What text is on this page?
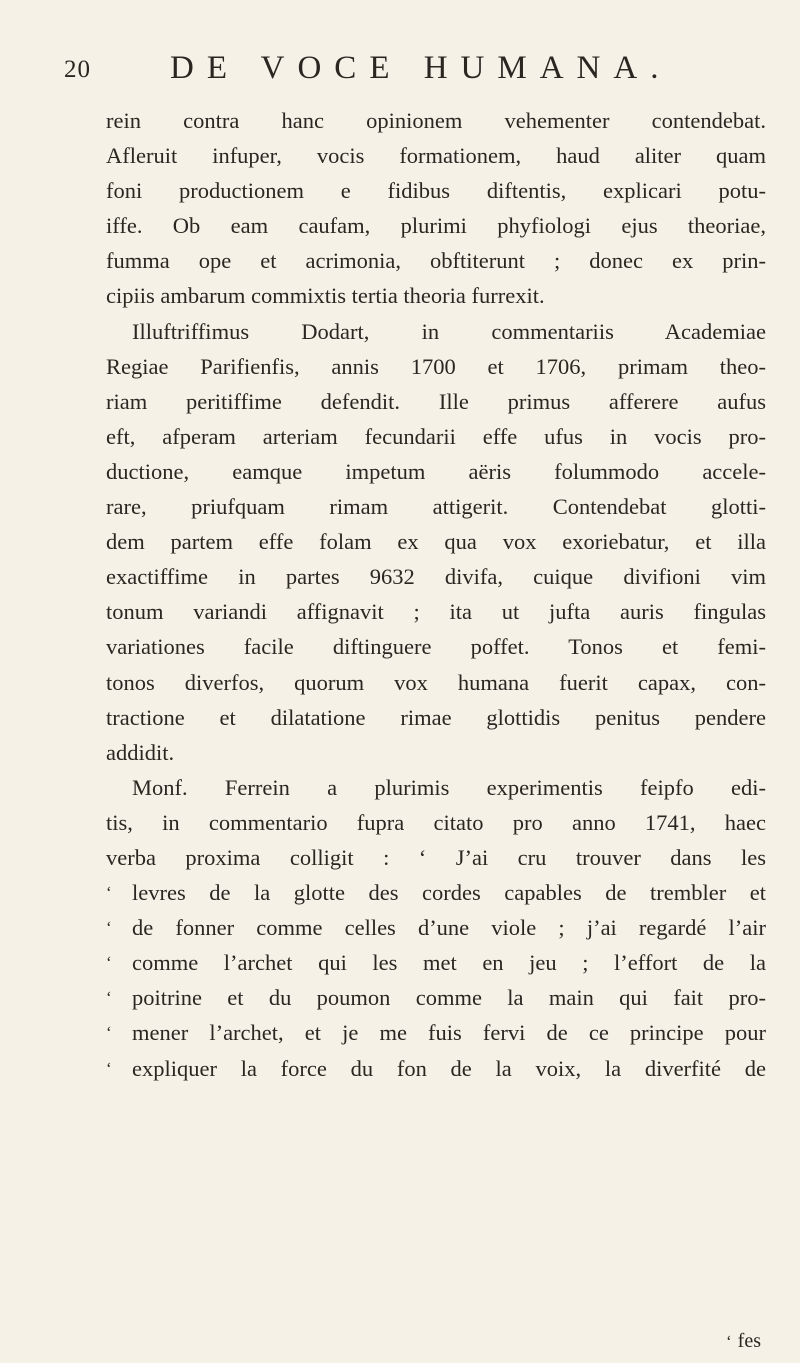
20 DE VOCE HUMANA.
rein contra hanc opinionem vehementer contendebat.
Afleruit infuper, vocis formationem, haud aliter quam
foni productionem e fidibus diftentis, explicari potu-
iffe. Ob eam caufam, plurimi phyfiologi ejus theoriae,
fumma ope et acrimonia, obftiterunt ; donec ex prin-
cipiis ambarum commixtis tertia theoria furrexit.
Illuftriffimus Dodart, in commentariis Academiae
Regiae Parifienfis, annis 1700 et 1706, primam theo-
riam peritiffime defendit. Ille primus afferere aufus
eft, afperam arteriam fecundarii effe ufus in vocis pro-
ductione, eamque impetum aëris folummodo accele-
rare, priufquam rimam attigerit. Contendebat glotti-
dem partem effe folam ex qua vox exoriebatur, et illa
exactiffime in partes 9632 divifa, cuique divifioni vim
tonum variandi affignavit ; ita ut jufta auris fingulas
variationes facile diftinguere poffet. Tonos et femi-
tonos diverfos, quorum vox humana fuerit capax, con-
tractione et dilatatione rimae glottidis penitus pendere
addidit.
Monf. Ferrein a plurimis experimentis feipfo edi-
tis, in commentario fupra citato pro anno 1741, haec
verba proxima colligit : ‘ J’ai cru trouver dans les
‘ levres de la glotte des cordes capables de trembler et
‘ de fonner comme celles d’une viole ; j’ai regardé l’air
‘ comme l’archet qui les met en jeu ; l’effort de la
‘ poitrine et du poumon comme la main qui fait pro-
‘ mener l’archet, et je me fuis fervi de ce principe pour
‘ expliquer la force du fon de la voix, la diverfité de
‘ fes
